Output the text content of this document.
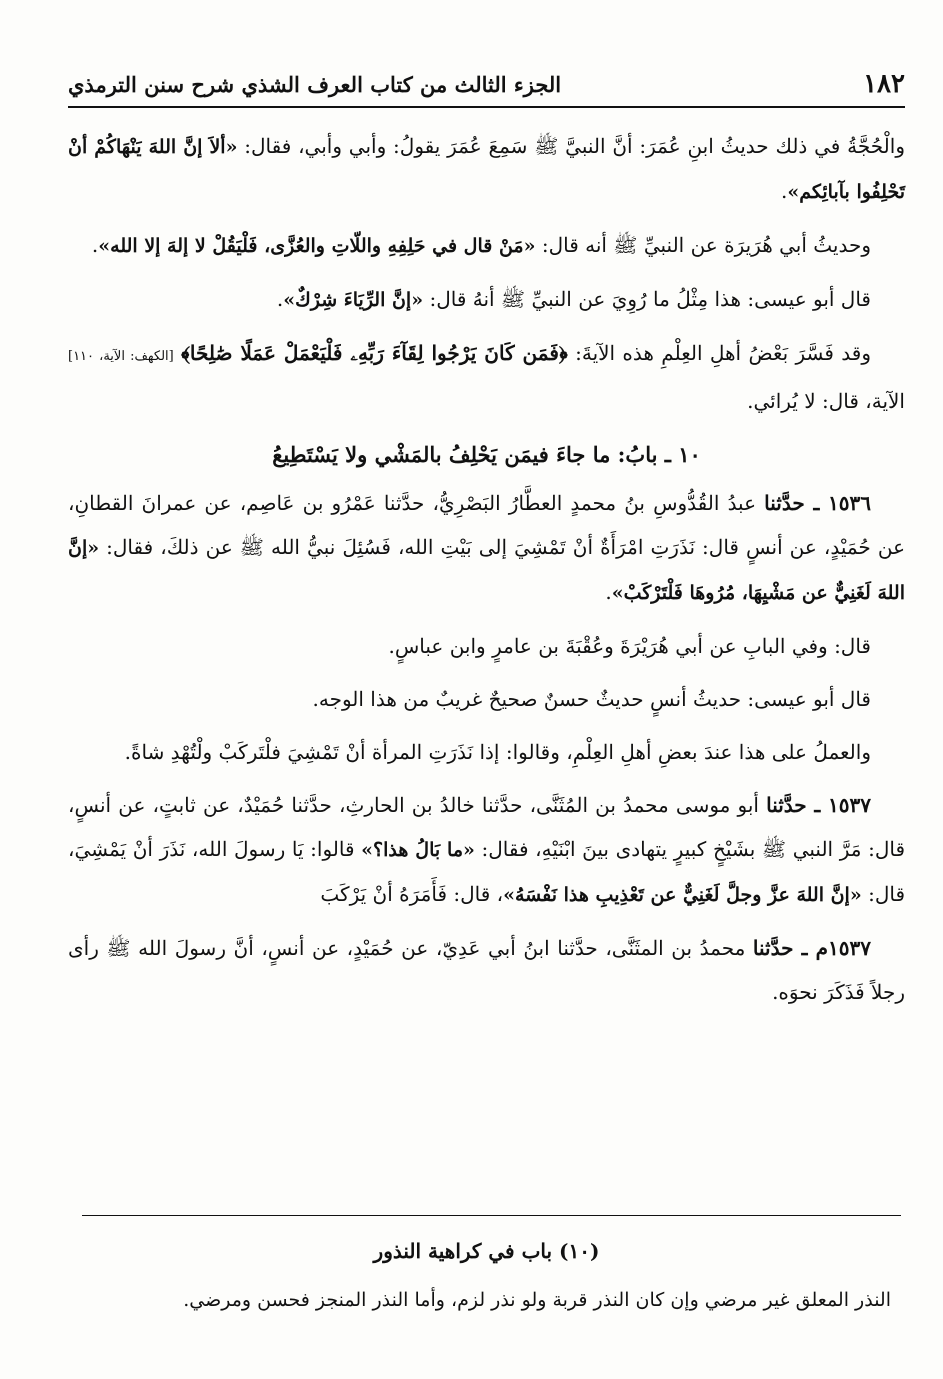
١٨٢
الجزء الثالث من كتاب العرف الشذي شرح سنن الترمذي

والْحُجَّةُ في ذلك حديثُ ابنِ عُمَرَ: أنَّ النبيَّ ﷺ سَمِعَ عُمَرَ يقولُ: وأبي وأبي، فقال: «ألاَ إنَّ اللهَ يَنْهَاكُمْ أنْ تَحْلِفُوا بآبائِكم».

وحديثُ أبي هُرَيرَة عن النبيِّ ﷺ أنه قال: «مَنْ قال في حَلِفِهِ واللّاتِ والعُزَّى، فَلْيَقُلْ لا إلهَ إلا الله».

قال أبو عيسى: هذا مِثْلُ ما رُوِيَ عن النبيِّ ﷺ أنهُ قال: «إنَّ الرِّيَاءَ شِرْكٌ».

وقد فَسَّرَ بَعْضُ أهلِ العِلْمِ هذه الآيةَ: ﴿فَمَن كَانَ يَرْجُوا لِقَآءَ رَبِّهِۦ فَلْيَعْمَلْ عَمَلًا صَٰلِحًا﴾ [الكهف: الآية، ١١٠] الآية، قال: لا يُرائي.

١٠ ـ بابُ: ما جاءَ فيمَن يَحْلِفُ بالمَشْي ولا يَسْتَطِيعُ

١٥٣٦ ـ حدَّثنا عبدُ القُدُّوسِ بنُ محمدٍ العطَّارُ البَصْرِيُّ، حدَّثنا عَمْرُو بن عَاصِم، عن عمرانَ القطانِ، عن حُمَيْدٍ، عن أنسٍ قال: نَذَرَتِ امْرَأَةٌ أنْ تَمْشِيَ إلى بَيْتِ الله، فَسُئِلَ نبيُّ الله ﷺ عن ذلكَ، فقال: «إنَّ اللهَ لَغَنِيٌّ عن مَشْيِهَا، مُرُوهَا فَلْتَرْكَبْ».

قال: وفي البابِ عن أبي هُرَيْرَةَ وعُقْبَةَ بن عامرٍ وابن عباسٍ.

قال أبو عيسى: حديثُ أنسٍ حديثٌ حسنٌ صحيحٌ غريبٌ من هذا الوجه.

والعملُ على هذا عندَ بعضِ أهلِ العِلْمِ، وقالوا: إذا نَذَرَتِ المرأة أنْ تَمْشِيَ فلْتَركَبْ ولْتُهْدِ شاةً.

١٥٣٧ ـ حدَّثنا أبو موسى محمدُ بن المُثَنَّى، حدَّثنا خالدُ بن الحارثِ، حدَّثنا حُمَيْدٌ، عن ثابتٍ، عن أنسٍ، قال: مَرَّ النبي ﷺ بشَيْخٍ كبيرٍ يتهادى بينَ ابْنَيْهِ، فقال: «ما بَالُ هذا؟» قالوا: يَا رسولَ الله، نَذَرَ أنْ يَمْشِيَ، قال: «إنَّ اللهَ عزَّ وجلَّ لَغَنِيٌّ عن تَعْذِيبِ هذا نَفْسَهُ»، قال: فَأَمَرَهُ أنْ يَرْكَبَ

١٥٣٧م ـ حدَّثنا محمدُ بن المثَنَّى، حدَّثنا ابنُ أبي عَدِيّ، عن حُمَيْدٍ، عن أنسٍ، أنَّ رسولَ الله ﷺ رأى رجلاً فَذَكَرَ نحوَه.

(١٠) باب في كراهية النذور
النذر المعلق غير مرضي وإن كان النذر قربة ولو نذر لزم، وأما النذر المنجز فحسن ومرضي.
